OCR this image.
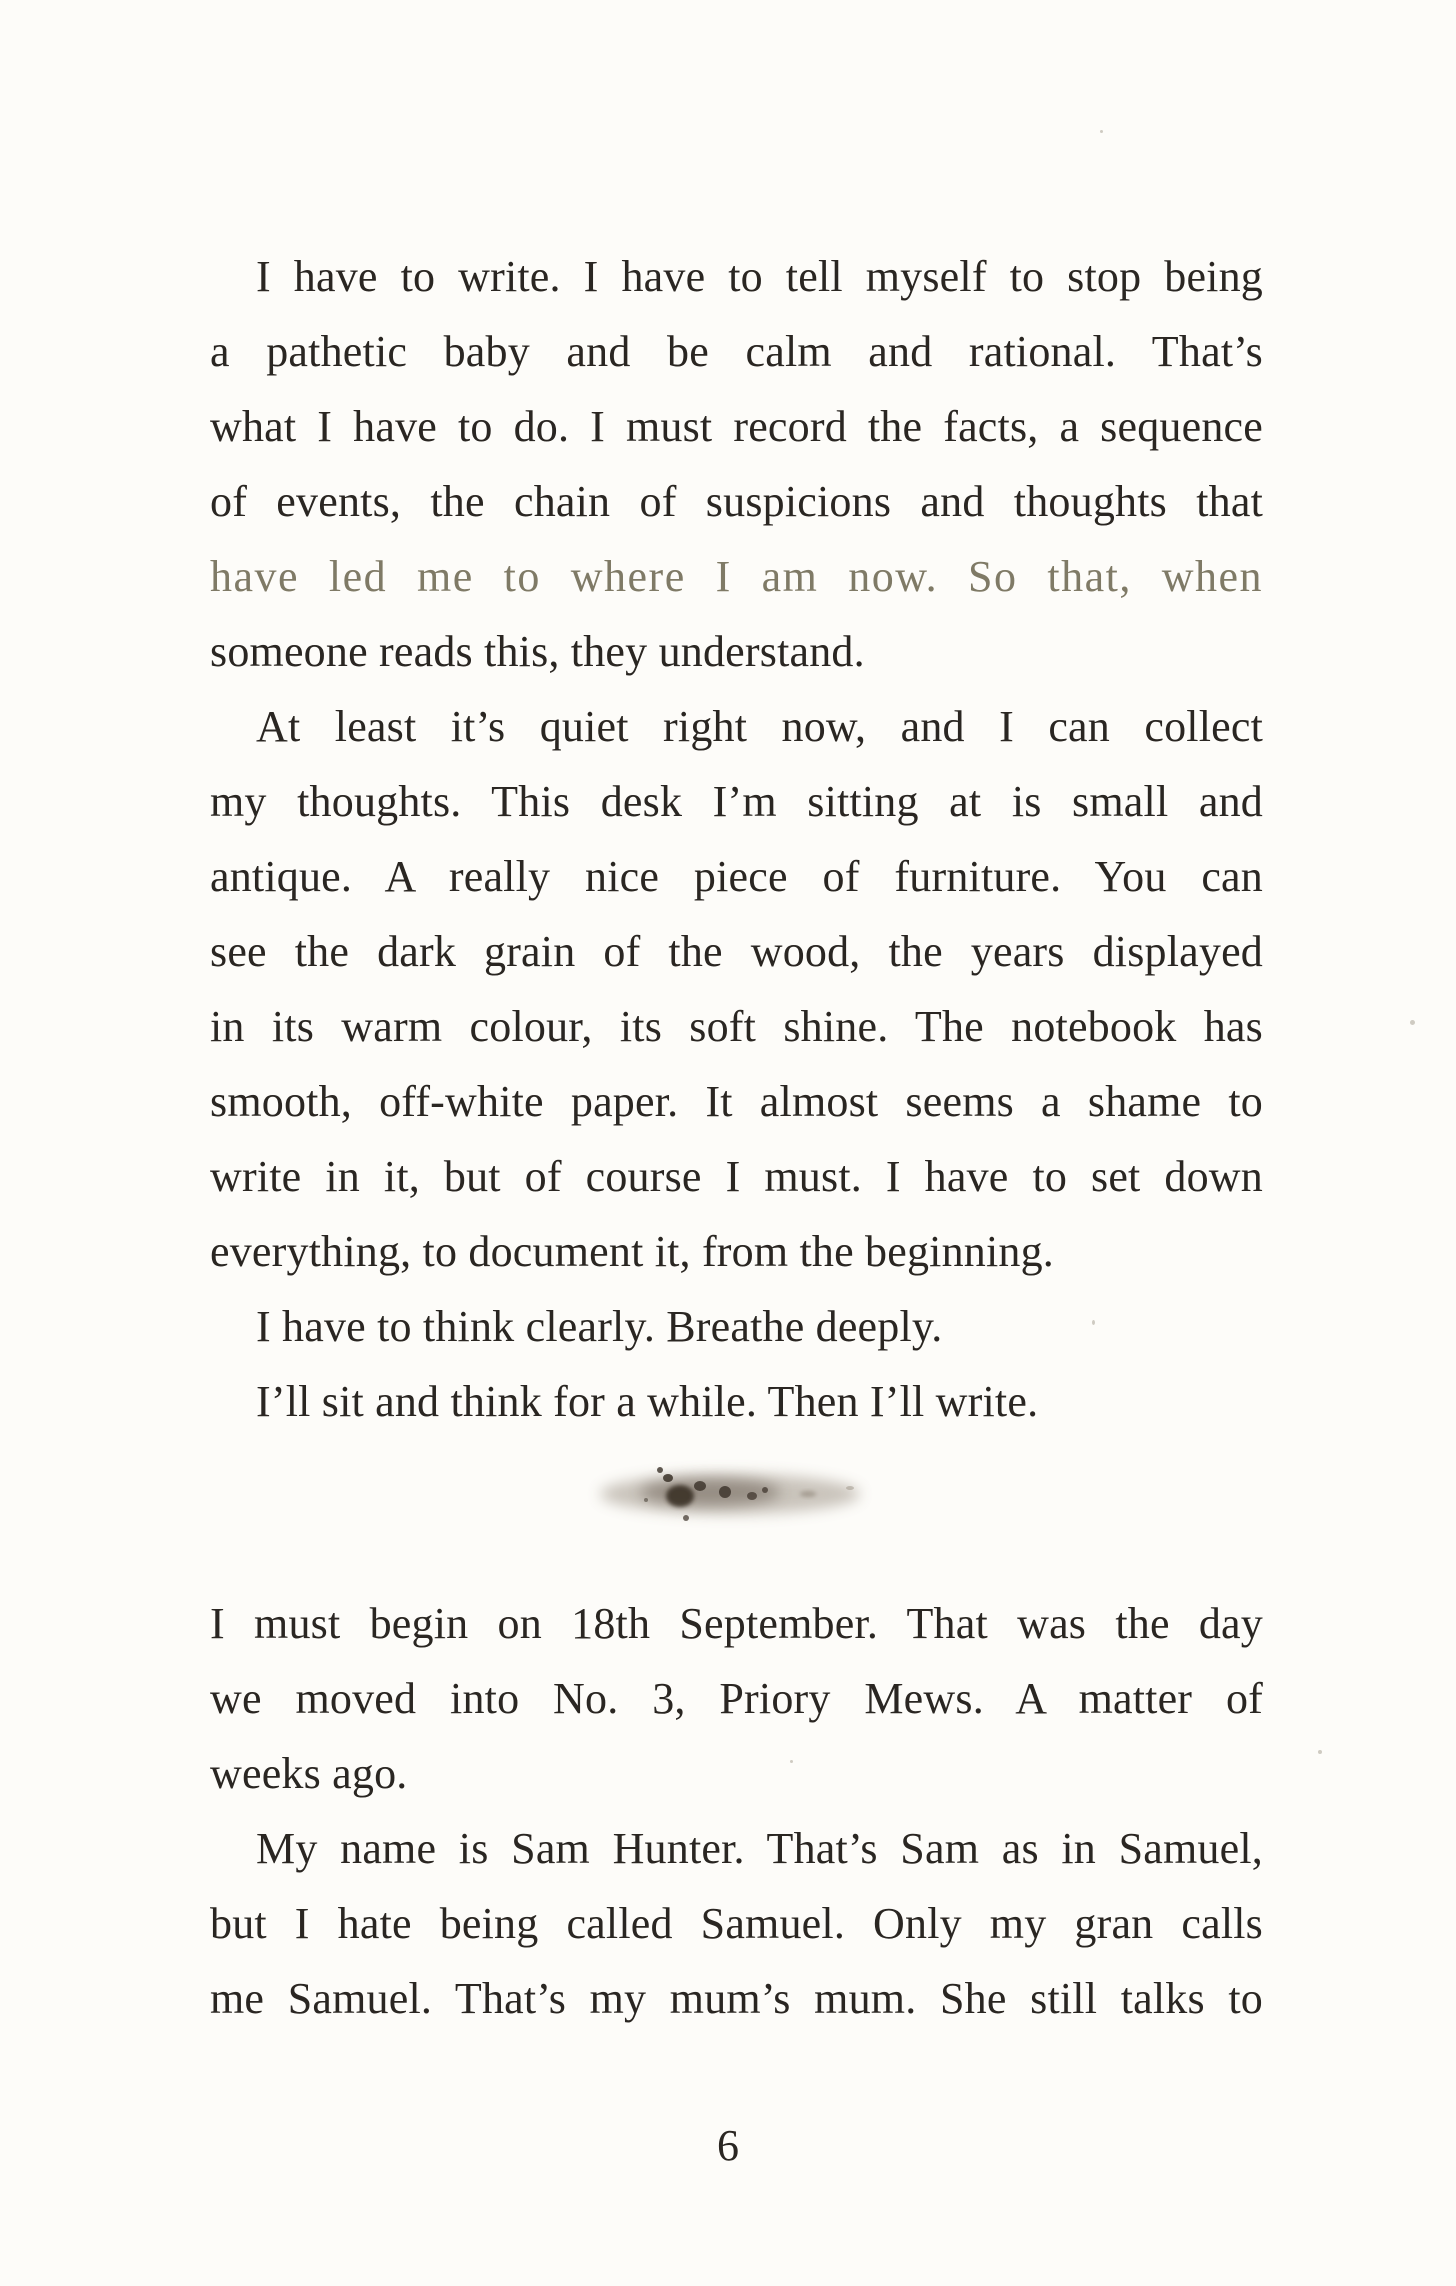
I have to write. I have to tell myself to stop being
a pathetic baby and be calm and rational. That’s
what I have to do. I must record the facts, a sequence
of events, the chain of suspicions and thoughts that
have led me to where I am now. So that, when
someone reads this, they understand.
At least it’s quiet right now, and I can collect
my thoughts. This desk I’m sitting at is small and
antique. A really nice piece of furniture. You can
see the dark grain of the wood, the years displayed
in its warm colour, its soft shine. The notebook has
smooth, off-white paper. It almost seems a shame to
write in it, but of course I must. I have to set down
everything, to document it, from the beginning.
I have to think clearly. Breathe deeply.
I’ll sit and think for a while. Then I’ll write.
I must begin on 18th September. That was the day
we moved into No. 3, Priory Mews. A matter of
weeks ago.
My name is Sam Hunter. That’s Sam as in Samuel,
but I hate being called Samuel. Only my gran calls
me Samuel. That’s my mum’s mum. She still talks to
6
